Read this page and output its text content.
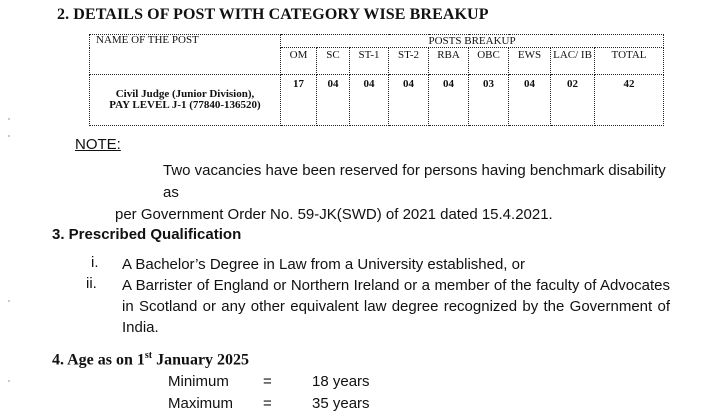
2. DETAILS OF POST WITH CATEGORY WISE BREAKUP
NAME OF THE POST	POSTS BREAKUP								
	OM	SC	ST-1	ST-2	RBA	OBC	EWS	LAC/ IB	TOTAL

Civil Judge (Junior Division),
PAY LEVEL J-1 (77840-136520)	17	04	04	04	04	03	04	02	42
NOTE:
Two vacancies have been reserved for persons having benchmark disability as
per Government Order No. 59-JK(SWD) of 2021 dated 15.4.2021.
3. Prescribed Qualification
i. A Bachelor’s Degree in Law from a University established, or
ii. A Barrister of England or Northern Ireland or a member of the faculty of Advocates in Scotland or any other equivalent law degree recognized by the Government of India.
4. Age as on 1st January 2025
Minimum =	18 years
Maximum =	35 years
